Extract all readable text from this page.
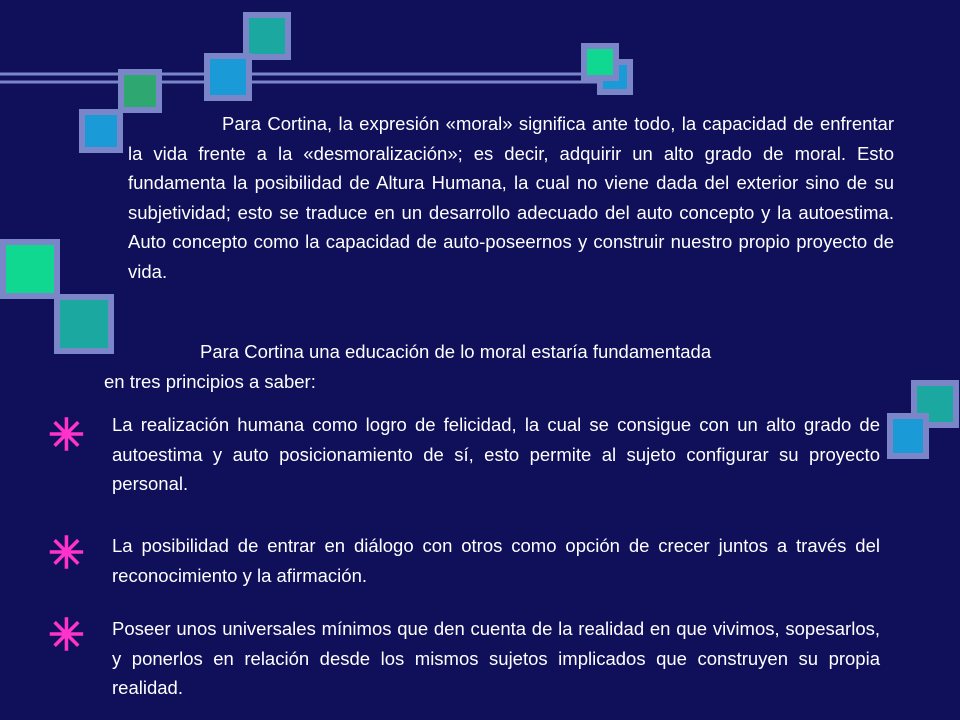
Para Cortina, la expresión «moral» significa ante todo, la capacidad de enfrentar la vida frente a la «desmoralización»; es decir, adquirir un alto grado de moral. Esto fundamenta la posibilidad de Altura Humana, la cual no viene dada del exterior sino de su subjetividad; esto se traduce en un desarrollo adecuado del auto concepto y la autoestima. Auto concepto como la capacidad de auto-poseernos y construir nuestro propio proyecto de vida.

Para Cortina una educación de lo moral estaría fundamentada
en tres principios a saber:

✳ La realización humana como logro de felicidad, la cual se consigue con un alto grado de autoestima y auto posicionamiento de sí, esto permite al sujeto configurar su proyecto personal.

✳ La posibilidad de entrar en diálogo con otros como opción de crecer juntos a través del reconocimiento y la afirmación.

✳ Poseer unos universales mínimos que den cuenta de la realidad en que vivimos, sopesarlos, y ponerlos en relación desde los mismos sujetos implicados que construyen su propia realidad.
